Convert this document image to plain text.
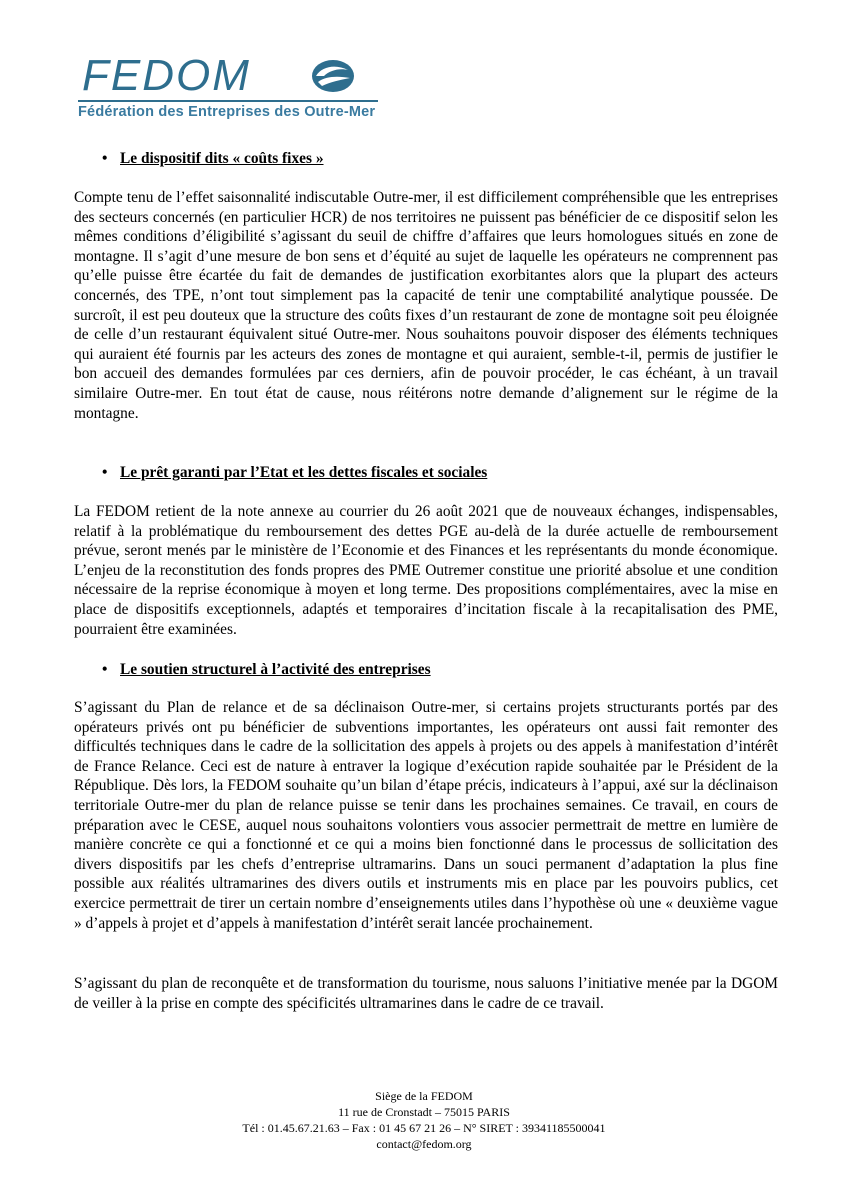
FEDOM
Fédération des Entreprises des Outre-Mer
• Le dispositif dits « coûts fixes »
Compte tenu de l’effet saisonnalité indiscutable Outre-mer, il est difficilement compréhensible que les entreprises des secteurs concernés (en particulier HCR) de nos territoires ne puissent pas bénéficier de ce dispositif selon les mêmes conditions d’éligibilité s’agissant du seuil de chiffre d’affaires que leurs homologues situés en zone de montagne. Il s’agit d’une mesure de bon sens et d’équité au sujet de laquelle les opérateurs ne comprennent pas qu’elle puisse être écartée du fait de demandes de justification exorbitantes alors que la plupart des acteurs concernés, des TPE, n’ont tout simplement pas la capacité de tenir une comptabilité analytique poussée. De surcroît, il est peu douteux que la structure des coûts fixes d’un restaurant de zone de montagne soit peu éloignée de celle d’un restaurant équivalent situé Outre-mer. Nous souhaitons pouvoir disposer des éléments techniques qui auraient été fournis par les acteurs des zones de montagne et qui auraient, semble-t-il, permis de justifier le bon accueil des demandes formulées par ces derniers, afin de pouvoir procéder, le cas échéant, à un travail similaire Outre-mer. En tout état de cause, nous réitérons notre demande d’alignement sur le régime de la montagne.
• Le prêt garanti par l’Etat et les dettes fiscales et sociales
La FEDOM retient de la note annexe au courrier du 26 août 2021 que de nouveaux échanges, indispensables, relatif à la problématique du remboursement des dettes PGE au-delà de la durée actuelle de remboursement prévue, seront menés par le ministère de l’Economie et des Finances et les représentants du monde économique. L’enjeu de la reconstitution des fonds propres des PME Outremer constitue une priorité absolue et une condition nécessaire de la reprise économique à moyen et long terme. Des propositions complémentaires, avec la mise en place de dispositifs exceptionnels, adaptés et temporaires d’incitation fiscale à la recapitalisation des PME, pourraient être examinées.
• Le soutien structurel à l’activité des entreprises
S’agissant du Plan de relance et de sa déclinaison Outre-mer, si certains projets structurants portés par des opérateurs privés ont pu bénéficier de subventions importantes, les opérateurs ont aussi fait remonter des difficultés techniques dans le cadre de la sollicitation des appels à projets ou des appels à manifestation d’intérêt de France Relance. Ceci est de nature à entraver la logique d’exécution rapide souhaitée par le Président de la République. Dès lors, la FEDOM souhaite qu’un bilan d’étape précis, indicateurs à l’appui, axé sur la déclinaison territoriale Outre-mer du plan de relance puisse se tenir dans les prochaines semaines. Ce travail, en cours de préparation avec le CESE, auquel nous souhaitons volontiers vous associer permettrait de mettre en lumière de manière concrète ce qui a fonctionné et ce qui a moins bien fonctionné dans le processus de sollicitation des divers dispositifs par les chefs d’entreprise ultramarins. Dans un souci permanent d’adaptation la plus fine possible aux réalités ultramarines des divers outils et instruments mis en place par les pouvoirs publics, cet exercice permettrait de tirer un certain nombre d’enseignements utiles dans l’hypothèse où une « deuxième vague » d’appels à projet et d’appels à manifestation d’intérêt serait lancée prochainement.
S’agissant du plan de reconquête et de transformation du tourisme, nous saluons l’initiative menée par la DGOM de veiller à la prise en compte des spécificités ultramarines dans le cadre de ce travail.
Siège de la FEDOM
11 rue de Cronstadt – 75015 PARIS
Tél : 01.45.67.21.63 – Fax : 01 45 67 21 26 – N° SIRET : 39341185500041
contact@fedom.org
